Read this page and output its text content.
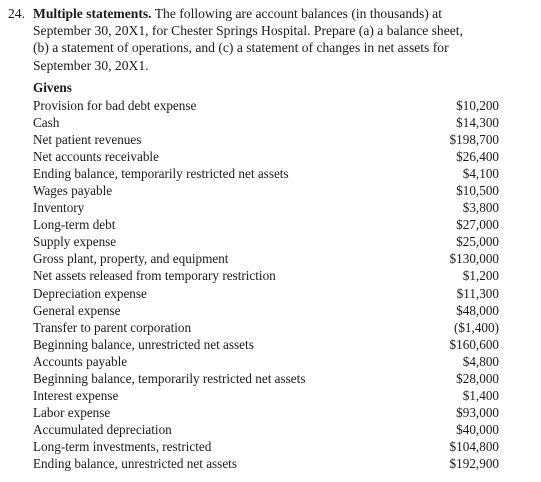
24. Multiple statements. The following are account balances (in thousands) at
September 30, 20X1, for Chester Springs Hospital. Prepare (a) a balance sheet,
(b) a statement of operations, and (c) a statement of changes in net assets for
September 30, 20X1.
Givens
Provision for bad debt expense	$10,200
Cash	$14,300
Net patient revenues	$198,700
Net accounts receivable	$26,400
Ending balance, temporarily restricted net assets	$4,100
Wages payable	$10,500
Inventory	$3,800
Long-term debt	$27,000
Supply expense	$25,000
Gross plant, property, and equipment	$130,000
Net assets released from temporary restriction	$1,200
Depreciation expense	$11,300
General expense	$48,000
Transfer to parent corporation	($1,400)
Beginning balance, unrestricted net assets	$160,600
Accounts payable	$4,800
Beginning balance, temporarily restricted net assets	$28,000
Interest expense	$1,400
Labor expense	$93,000
Accumulated depreciation	$40,000
Long-term investments, restricted	$104,800
Ending balance, unrestricted net assets	$192,900
